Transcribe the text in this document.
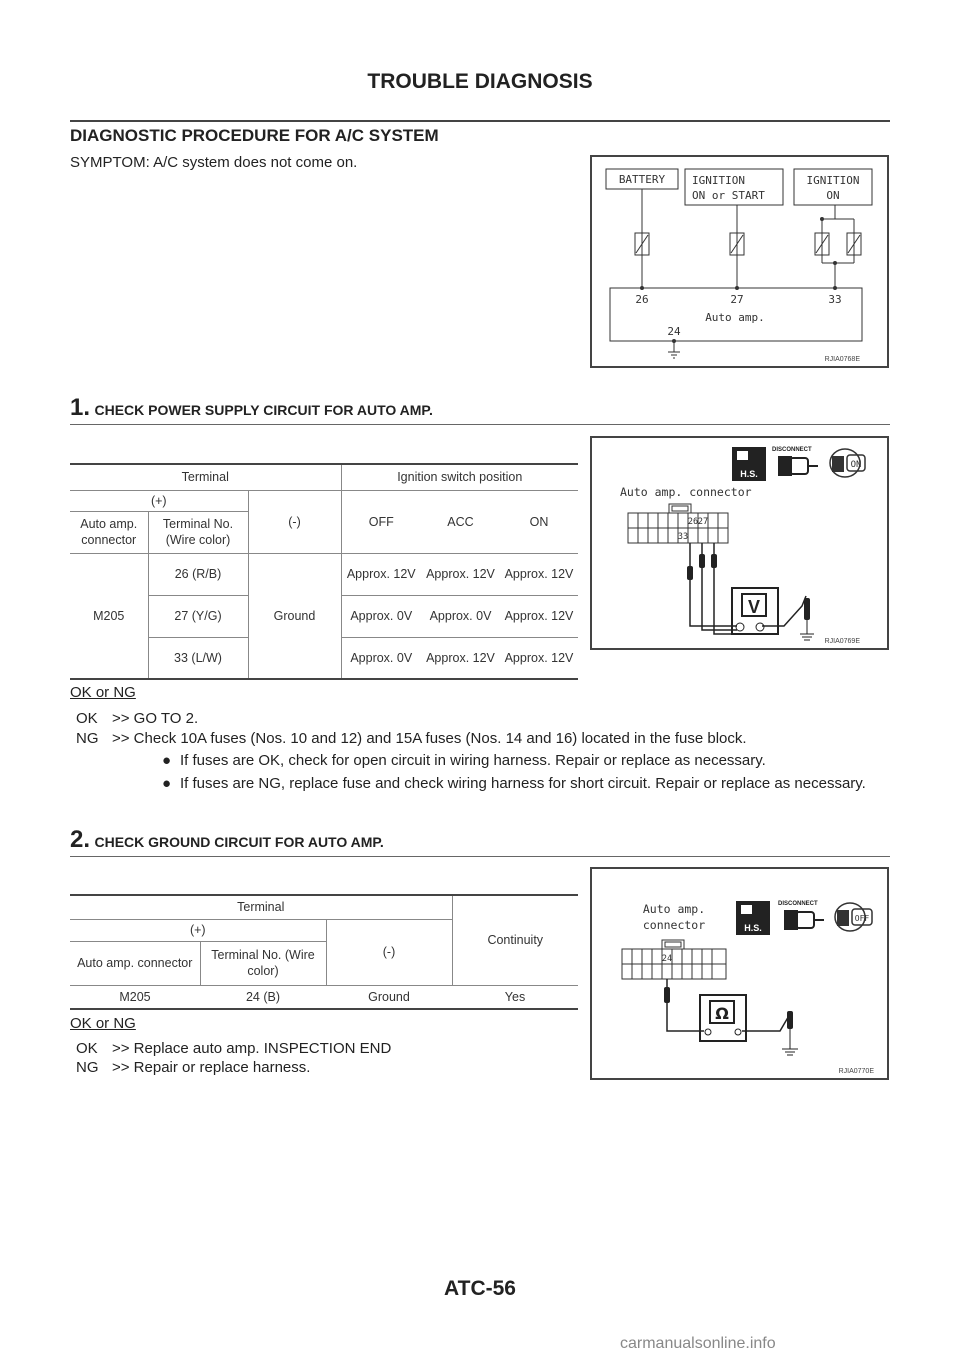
TROUBLE DIAGNOSIS
DIAGNOSTIC PROCEDURE FOR A/C SYSTEM
SYMPTOM: A/C system does not come on.
BATTERY IGNITION
ON or START
IGNITION
ON
26	27	33
Auto amp.
24
RJIA0768E
1. CHECK POWER SUPPLY CIRCUIT FOR AUTO AMP.
Terminal			Ignition switch position		
(+)		(-)	OFF	ACC	ON
Auto amp. connector	Terminal No. (Wire color)				
M205	26 (R/B)	Ground	Approx. 12V	Approx. 12V	Approx. 12V
	27 (Y/G)		Approx. 0V	Approx. 0V	Approx. 12V
	33 (L/W)		Approx. 0V	Approx. 12V	Approx. 12V
H.S.
DISCONNECT
ON
Auto amp. connector
26 27
33
V
RJIA0769E
OK or NG
OK >> GO TO 2.
NG >> Check 10A fuses (Nos. 10 and 12) and 15A fuses (Nos. 14 and 16) located in the fuse block.
● If fuses are OK, check for open circuit in wiring harness. Repair or replace as necessary.
● If fuses are NG, replace fuse and check wiring harness for short circuit. Repair or replace as necessary.
2. CHECK GROUND CIRCUIT FOR AUTO AMP.
Terminal			Continuity
(+)		(-)	
Auto amp. connector	Terminal No. (Wire color)		
M205	24 (B)	Ground	Yes
Auto amp.
connector	H.S.
DISCONNECT
OFF
24
Ω
RJIA0770E
OK or NG
OK >> Replace auto amp. INSPECTION END
NG >> Repair or replace harness.
ATC-56
carmanualsonline.info
